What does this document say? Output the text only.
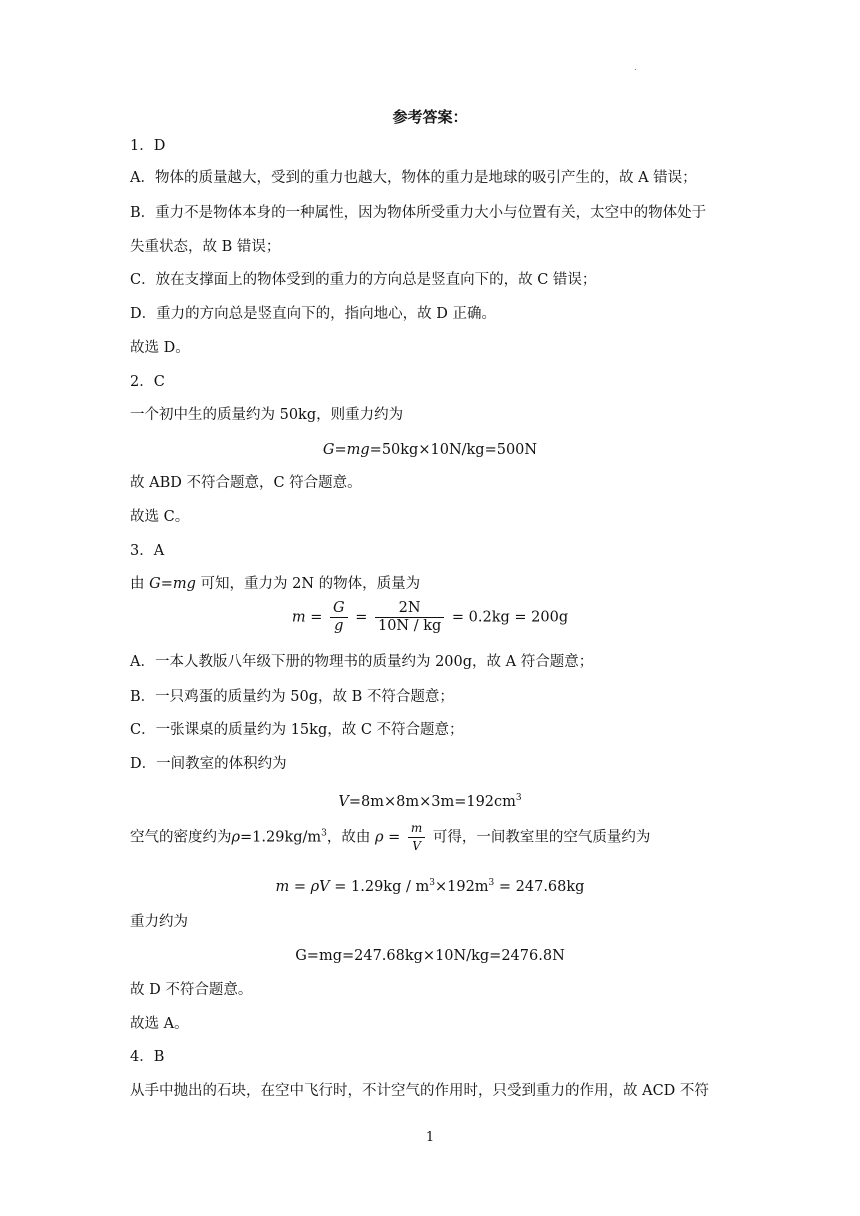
.
参考答案：
1．D
A．物体的质量越大，受到的重力也越大，物体的重力是地球的吸引产生的，故 A 错误；
B．重力不是物体本身的一种属性，因为物体所受重力大小与位置有关，太空中的物体处于
失重状态，故 B 错误；
C．放在支撑面上的物体受到的重力的方向总是竖直向下的，故 C 错误；
D．重力的方向总是竖直向下的，指向地心，故 D 正确。
故选 D。
2．C
一个初中生的质量约为 50kg，则重力约为
G=mg=50kg×10N/kg=500N
故 ABD 不符合题意，C 符合题意。
故选 C。
3．A
由 G=mg 可知，重力为 2N 的物体，质量为
$m = \frac{G}{g} = \frac{2N}{10N / kg} = 0.2kg = 200g$
A．一本人教版八年级下册的物理书的质量约为 200g，故 A 符合题意；
B．一只鸡蛋的质量约为 50g，故 B 不符合题意；
C．一张课桌的质量约为 15kg，故 C 不符合题意；
D．一间教室的体积约为
$V=8m\times 8m\times 3m=192cm^3$
空气的密度约为$\rho=1.29kg/m^3$，故由 $\rho = \frac{m}{V}$ 可得，一间教室里的空气质量约为
$m = \rho V = 1.29kg / m^3\times 192m^3 = 247.68kg$
重力约为
G=mg=247.68kg×10N/kg=2476.8N
故 D 不符合题意。
故选 A。
4．B
从手中抛出的石块，在空中飞行时，不计空气的作用时，只受到重力的作用，故 ACD 不符
1
